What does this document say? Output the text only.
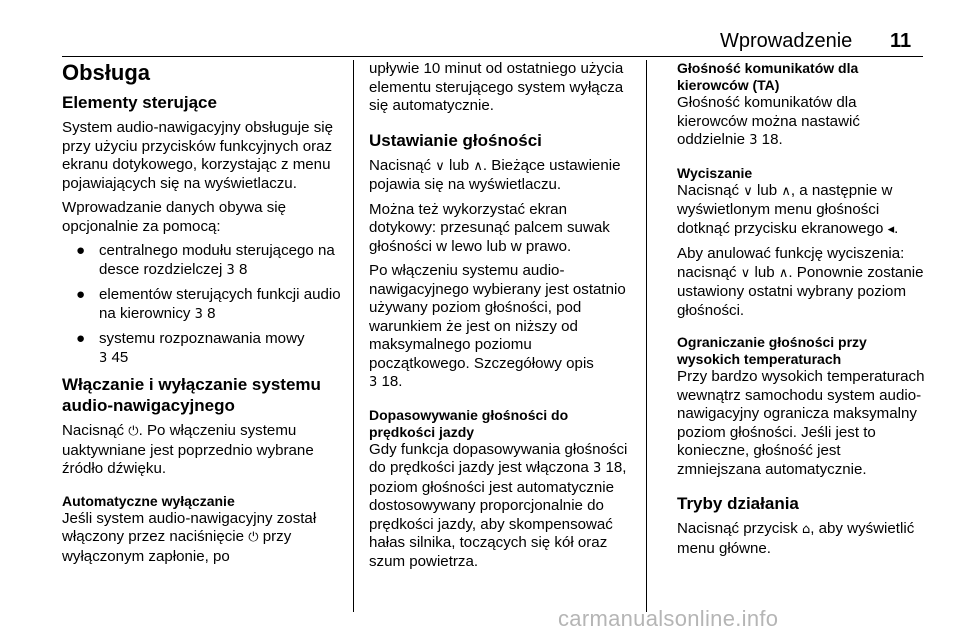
Wprowadzenie 11
Obsługa
Elementy sterujące

System audio-nawigacyjny obsługuje się przy użyciu przycisków funkcyjnych oraz ekranu dotykowego, korzystając z menu pojawiających się na wyświetlaczu.

Wprowadzanie danych obywa się opcjonalnie za pomocą:

● centralnego modułu sterującego na desce rozdzielczej 3 8
● elementów sterujących funkcji audio na kierownicy 3 8
● systemu rozpoznawania mowy
3 45
Włączanie i wyłączanie systemu audio-nawigacyjnego

Nacisnąć ⏻. Po włączeniu systemu uaktywniane jest poprzednio wybrane źródło dźwięku.

Automatyczne wyłączanie

Jeśli system audio-nawigacyjny został włączony przez naciśnięcie ⏻ przy wyłączonym zapłonie, po

upływie 10 minut od ostatniego użycia elementu sterującego system wyłącza się automatycznie.

Ustawianie głośności

Nacisnąć ∨ lub ∧. Bieżące ustawienie pojawia się na wyświetlaczu.

Można też wykorzystać ekran dotykowy: przesunąć palcem suwak głośności w lewo lub w prawo.

Po włączeniu systemu audio-nawigacyjnego wybierany jest ostatnio używany poziom głośności, pod warunkiem że jest on niższy od maksymalnego poziomu początkowego. Szczegółowy opis
3 18.

Dopasowywanie głośności do prędkości jazdy

Gdy funkcja dopasowywania głośności do prędkości jazdy jest włączona 3 18, poziom głośności jest automatycznie dostosowywany proporcjonalnie do prędkości jazdy, aby skompensować hałas silnika, toczących się kół oraz szum powietrza.

Głośność komunikatów dla kierowców (TA)

Głośność komunikatów dla kierowców można nastawić oddzielnie 3 18.

Wyciszanie

Nacisnąć ∨ lub ∧, a następnie w wyświetlonym menu głośności dotknąć przycisku ekranowego ◂.

Aby anulować funkcję wyciszenia: nacisnąć ∨ lub ∧. Ponownie zostanie ustawiony ostatni wybrany poziom głośności.

Ograniczanie głośności przy wysokich temperaturach

Przy bardzo wysokich temperaturach wewnątrz samochodu system audio-nawigacyjny ogranicza maksymalny poziom głośności. Jeśli jest to konieczne, głośność jest zmniejszana automatycznie.

Tryby działania

Nacisnąć przycisk ⌂, aby wyświetlić menu główne.

carmanualsonline.info
